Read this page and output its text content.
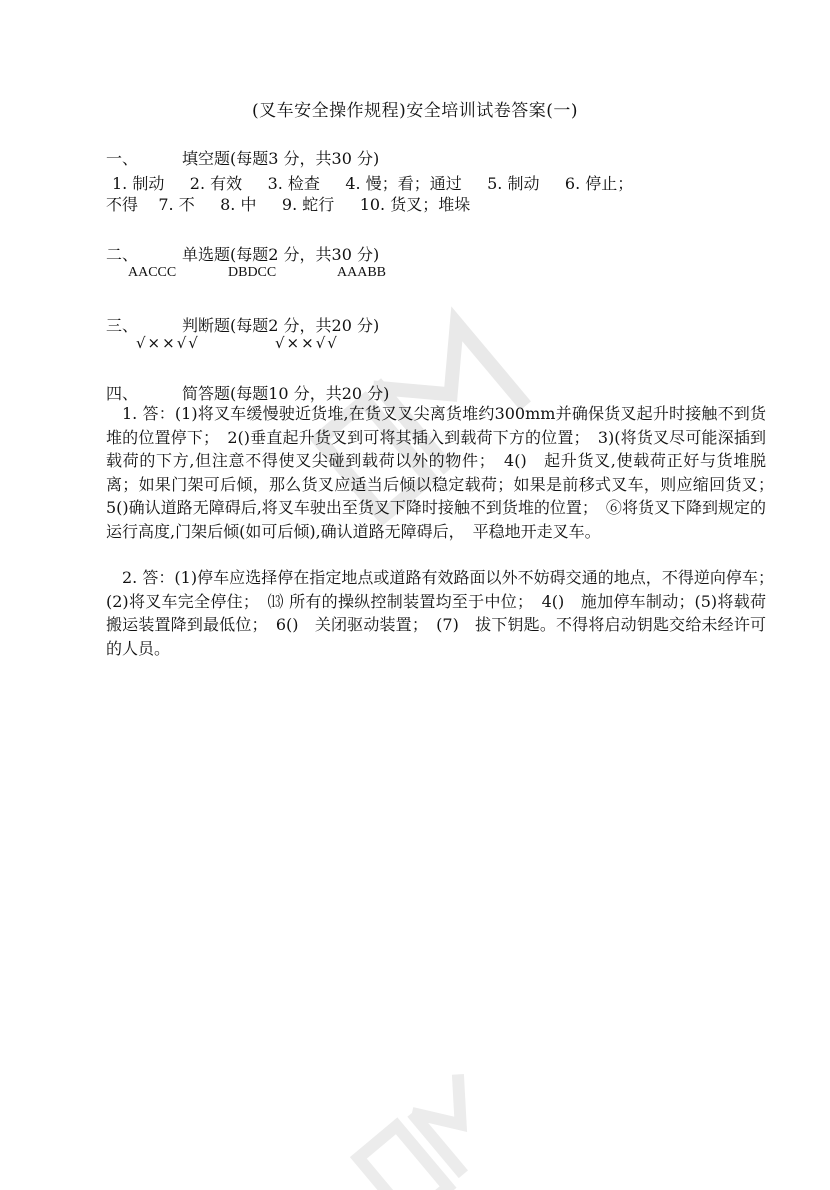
(叉车安全操作规程)安全培训试卷答案(一)
一、	填空题(每题3 分，共30 分)
1. 制动     2. 有效     3. 检查     4. 慢；看；通过     5. 制动     6. 停止；
不得    7. 不     8. 中     9. 蛇行     10. 货叉；堆垛
二、	单选题(每题2 分，共30 分)
AACCC	DBDCC	AAABB
三、	判断题(每题2 分，共20 分)
√××√√	√××√√
四、	简答题(每题10 分，共20 分)
1. 答：(1)将叉车缓慢驶近货堆,在货叉叉尖离货堆约300mm并确保货叉起升时接触不到货堆的位置停下；　2()垂直起升货叉到可将其插入到载荷下方的位置；　3)(将货叉尽可能深插到载荷的下方,但注意不得使叉尖碰到载荷以外的物件；　4()　起升货叉,使载荷正好与货堆脱离；如果门架可后倾，那么货叉应适当后倾以稳定载荷；如果是前移式叉车，则应缩回货叉；　5()确认道路无障碍后,将叉车驶出至货叉下降时接触不到货堆的位置；　⑥将货叉下降到规定的运行高度,门架后倾(如可后倾),确认道路无障碍后，　平稳地开走叉车。
2. 答：(1)停车应选择停在指定地点或道路有效路面以外不妨碍交通的地点，不得逆向停车；　(2)将叉车完全停住；　⒀ 所有的操纵控制装置均至于中位；　4()　施加停车制动；(5)将载荷搬运装置降到最低位；　6()　关闭驱动装置；　(7)　拔下钥匙。不得将启动钥匙交给未经许可的人员。
